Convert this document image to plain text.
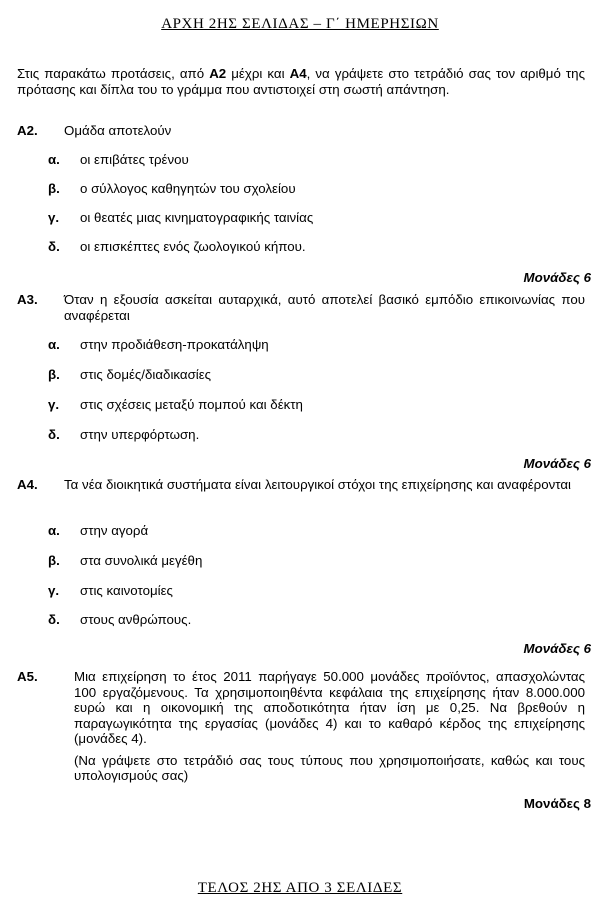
ΑΡΧΗ 2ΗΣ ΣΕΛΙΔΑΣ – Γ΄ ΗΜΕΡΗΣΙΩΝ
Στις παρακάτω προτάσεις, από Α2 μέχρι και Α4, να γράψετε στο τετράδιό σας τον αριθμό της πρότασης και δίπλα του το γράμμα που αντιστοιχεί στη σωστή απάντηση.
Α2. Ομάδα αποτελούν
α. οι επιβάτες τρένου
β. ο σύλλογος καθηγητών του σχολείου
γ. οι θεατές μιας κινηματογραφικής ταινίας
δ. οι επισκέπτες ενός ζωολογικού κήπου.
Μονάδες 6
Α3. Όταν η εξουσία ασκείται αυταρχικά, αυτό αποτελεί βασικό εμπόδιο επικοινωνίας που αναφέρεται
α. στην προδιάθεση-προκατάληψη
β. στις δομές/διαδικασίες
γ. στις σχέσεις μεταξύ πομπού και δέκτη
δ. στην υπερφόρτωση.
Μονάδες 6
Α4. Τα νέα διοικητικά συστήματα είναι λειτουργικοί στόχοι της επιχείρησης και αναφέρονται
α. στην αγορά
β. στα συνολικά μεγέθη
γ. στις καινοτομίες
δ. στους ανθρώπους.
Μονάδες 6
Α5.	Μια επιχείρηση το έτος 2011 παρήγαγε 50.000 μονάδες προϊόντος, απασχολώντας 100 εργαζόμενους. Τα χρησιμοποιηθέντα κεφάλαια της επιχείρησης ήταν 8.000.000 ευρώ και η οικονομική της αποδοτικότητα ήταν ίση με 0,25. Να βρεθούν η παραγωγικότητα της εργασίας (μονάδες 4) και το καθαρό κέρδος της επιχείρησης (μονάδες 4).
(Να γράψετε στο τετράδιό σας τους τύπους που χρησιμοποιήσατε, καθώς και τους υπολογισμούς σας)
Μονάδες 8
ΤΕΛΟΣ 2ΗΣ ΑΠΟ 3 ΣΕΛΙΔΕΣ
